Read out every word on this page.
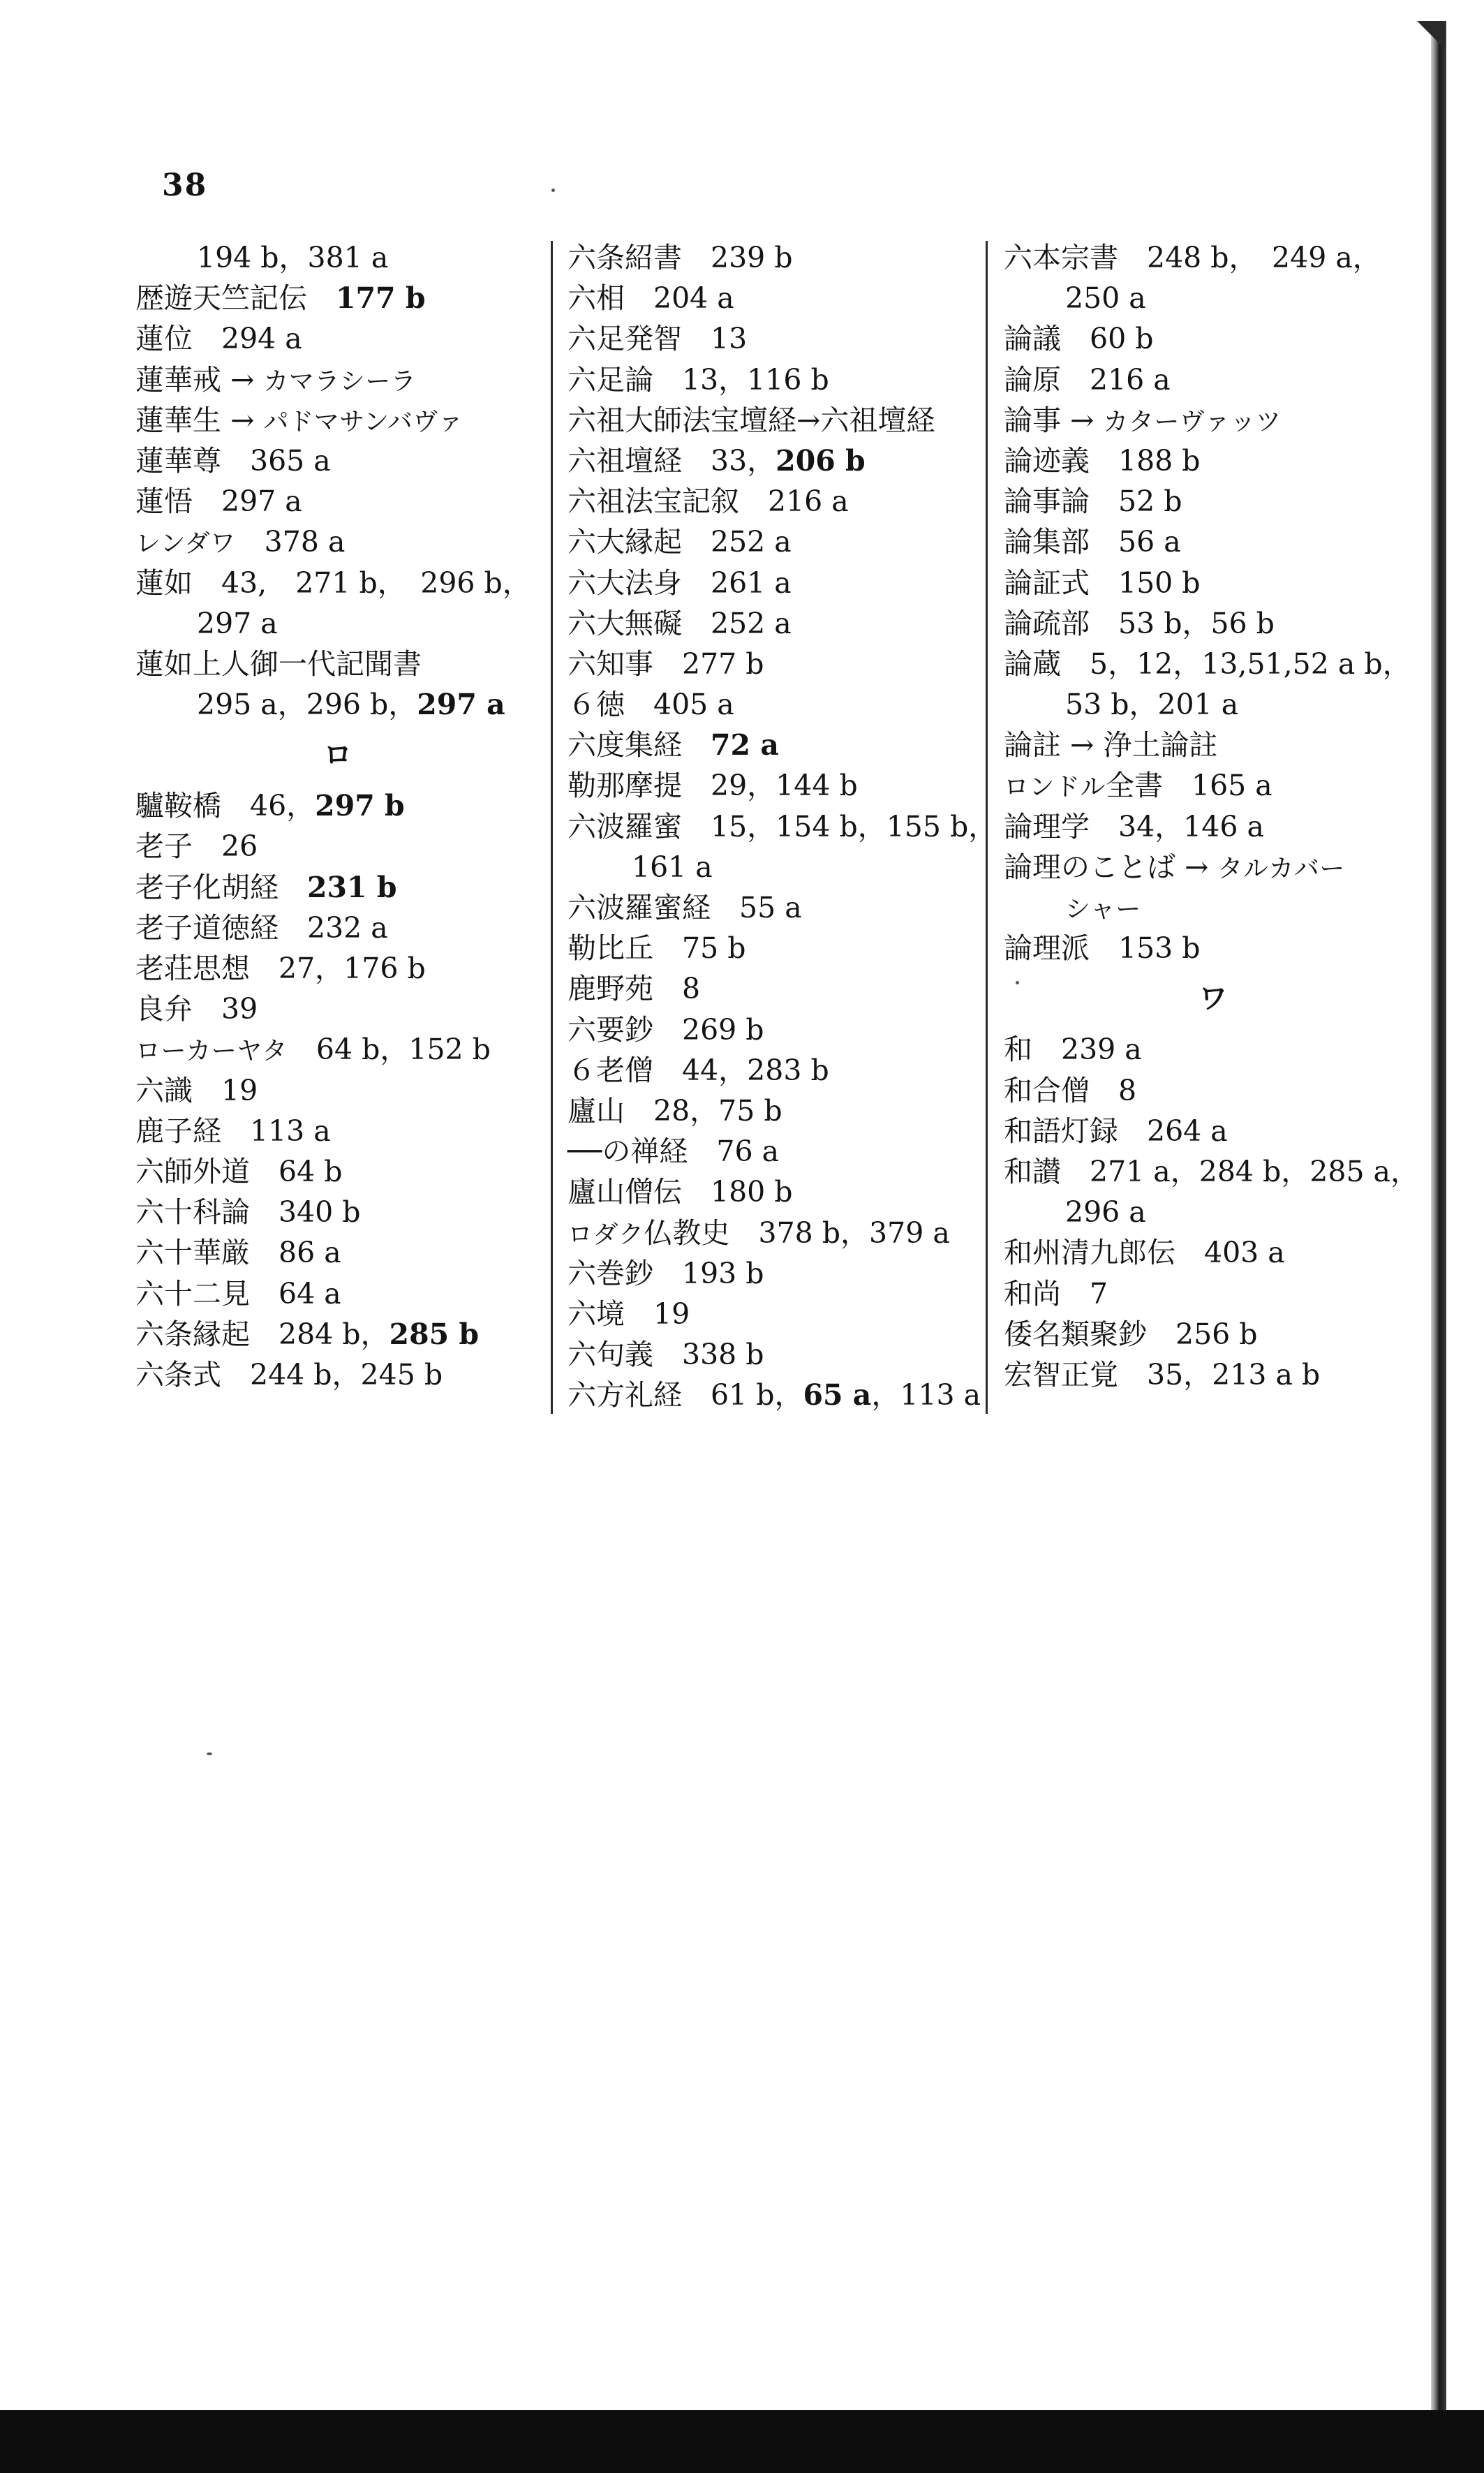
38
194 b，381 a
歴遊天竺記伝　177 b
蓮位　294 a
蓮華戒 → カマラシーラ
蓮華生 → パドマサンバヴァ
蓮華尊　365 a
蓮悟　297 a
レンダワ　378 a
蓮如　43,　271 b，　296 b，
297 a
蓮如上人御一代記聞書
295 a，296 b，297 a
ロ
驢鞍橋　46，297 b
老子　26
老子化胡経　231 b
老子道徳経　232 a
老荘思想　27，176 b
良弁　39
ローカーヤタ　64 b，152 b
六識　19
鹿子経　113 a
六師外道　64 b
六十科論　340 b
六十華厳　86 a
六十二見　64 a
六条縁起　284 b，285 b
六条式　244 b，245 b
六条紹書　239 b
六相　204 a
六足発智　13
六足論　13，116 b
六祖大師法宝壇経→六祖壇経
六祖壇経　33，206 b
六祖法宝記叙　216 a
六大縁起　252 a
六大法身　261 a
六大無礙　252 a
六知事　277 b
６徳　405 a
六度集経　72 a
勒那摩提　29，144 b
六波羅蜜　15，154 b，155 b，
161 a
六波羅蜜経　55 a
勒比丘　75 b
鹿野苑　8
六要鈔　269 b
６老僧　44，283 b
廬山　28，75 b
──の禅経　76 a
廬山僧伝　180 b
ロダク仏教史　378 b，379 a
六巻鈔　193 b
六境　19
六句義　338 b
六方礼経　61 b，65 a，113 a
六本宗書　248 b，　249 a，
250 a
論議　60 b
論原　216 a
論事 → カターヴァッツ
論迹義　188 b
論事論　52 b
論集部　56 a
論証式　150 b
論疏部　53 b，56 b
論蔵　5，12，13,51,52 a b，
53 b，201 a
論註 → 浄土論註
ロンドル全書　165 a
論理学　34，146 a
論理のことば → タルカバー
シャー
論理派　153 b
ワ
和　239 a
和合僧　8
和語灯録　264 a
和讃　271 a，284 b，285 a，
296 a
和州清九郎伝　403 a
和尚　7
倭名類聚鈔　256 b
宏智正覚　35，213 a b
